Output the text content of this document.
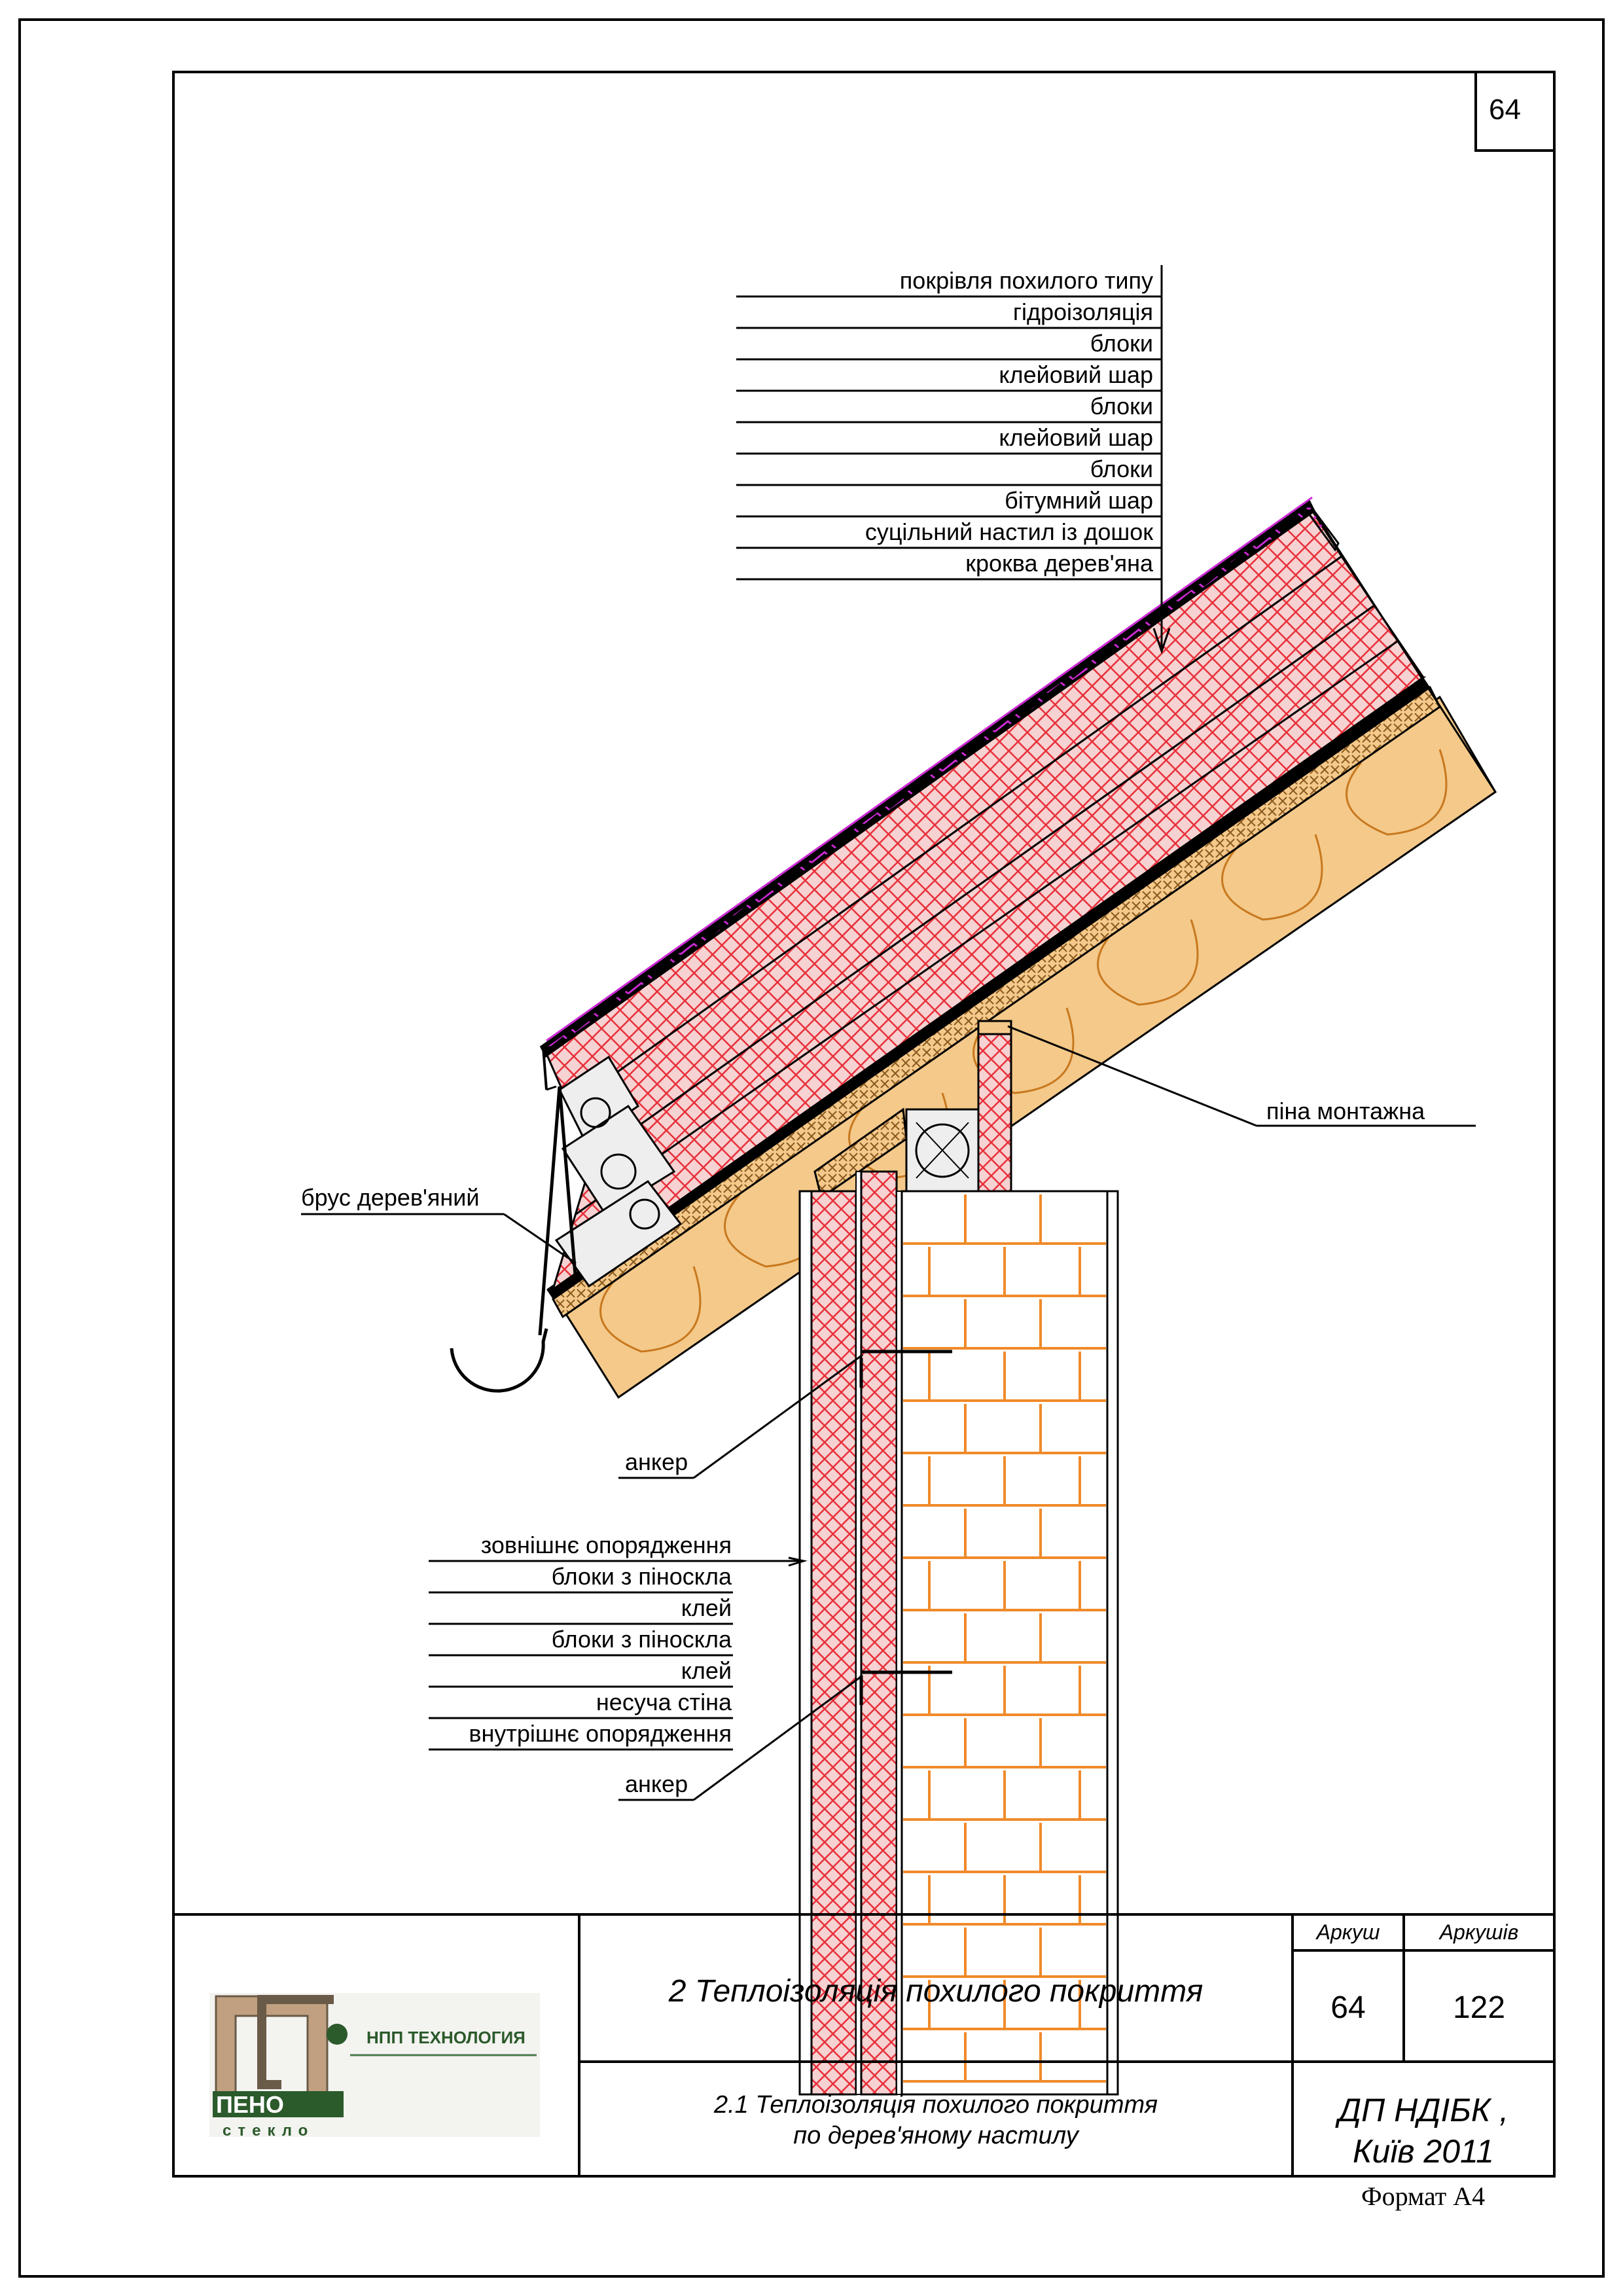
64
покрівля похилого типу
гідроізоляція
блоки
клейовий шар
блоки
клейовий шар
блоки
бітумний шар
суцільний настил із дошок
кроква дерев'яна
зовнішнє опорядження
блоки з піноскла
клей
блоки з піноскла
клей
несуча стіна
внутрішнє опорядження
піна монтажна
брус дерев'яний
анкер
анкер
НПП ТЕХНОЛОГИЯ
ПЕНО
стекло
2 Теплоізоляція похилого покриття
2.1 Теплоізоляція похилого покриття
по дерев'яному настилу
Аркуш	Аркушів
64	122
ДП НДІБК ,
Київ 2011
Формат А4
